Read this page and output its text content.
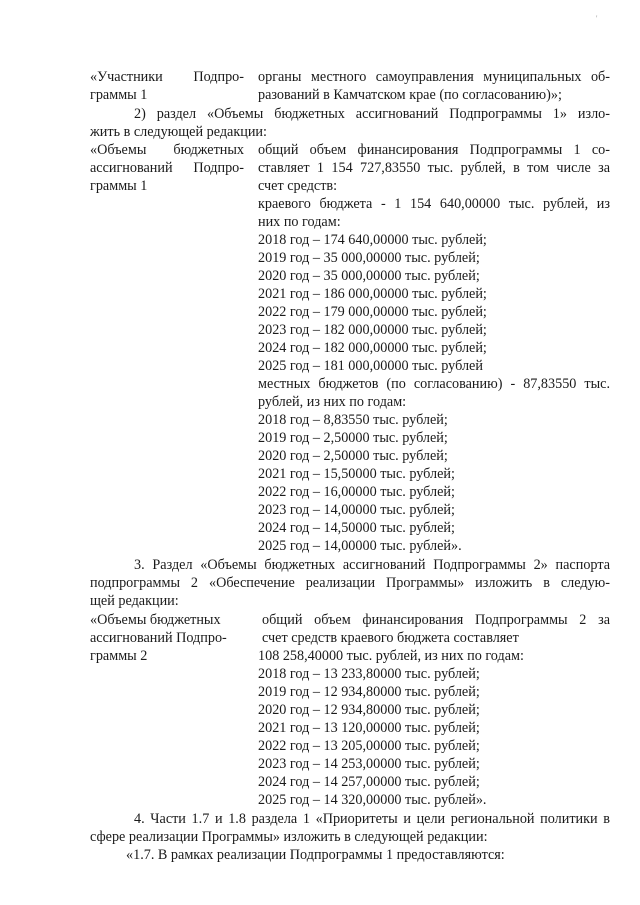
'
«Участники Подпро-
граммы 1
органы местного самоуправления муниципальных об-
разований в Камчатском крае (по согласованию)»;
2) раздел «Объемы бюджетных ассигнований Подпрограммы 1» изло-
жить в следующей редакции:
«Объемы бюджетных
ассигнований Подпро-
граммы 1
общий объем финансирования Подпрограммы 1 со-
ставляет 1 154 727,83550 тыс. рублей, в том числе за
счет средств:
краевого бюджета - 1 154 640,00000 тыс. рублей, из
них по годам:
2018 год – 174 640,00000 тыс. рублей;
2019 год – 35 000,00000 тыс. рублей;
2020 год – 35 000,00000 тыс. рублей;
2021 год – 186 000,00000 тыс. рублей;
2022 год – 179 000,00000 тыс. рублей;
2023 год – 182 000,00000 тыс. рублей;
2024 год – 182 000,00000 тыс. рублей;
2025 год – 181 000,00000 тыс. рублей
местных бюджетов (по согласованию) - 87,83550 тыс.
рублей, из них по годам:
2018 год – 8,83550 тыс. рублей;
2019 год – 2,50000 тыс. рублей;
2020 год – 2,50000 тыс. рублей;
2021 год – 15,50000 тыс. рублей;
2022 год – 16,00000 тыс. рублей;
2023 год – 14,00000 тыс. рублей;
2024 год – 14,50000 тыс. рублей;
2025 год – 14,00000 тыс. рублей».
3. Раздел «Объемы бюджетных ассигнований Подпрограммы 2» паспорта
подпрограммы 2 «Обеспечение реализации Программы» изложить в следую-
щей редакции:
«Объемы бюджетных
ассигнований Подпро-
граммы 2
общий объем финансирования Подпрограммы 2 за
счет средств краевого бюджета составляет
108 258,40000 тыс. рублей, из них по годам:
2018 год – 13 233,80000 тыс. рублей;
2019 год – 12 934,80000 тыс. рублей;
2020 год – 12 934,80000 тыс. рублей;
2021 год – 13 120,00000 тыс. рублей;
2022 год – 13 205,00000 тыс. рублей;
2023 год – 14 253,00000 тыс. рублей;
2024 год – 14 257,00000 тыс. рублей;
2025 год – 14 320,00000 тыс. рублей».
4. Части 1.7 и 1.8 раздела 1 «Приоритеты и цели региональной политики в
сфере реализации Программы» изложить в следующей редакции:
«1.7. В рамках реализации Подпрограммы 1 предоставляются:
